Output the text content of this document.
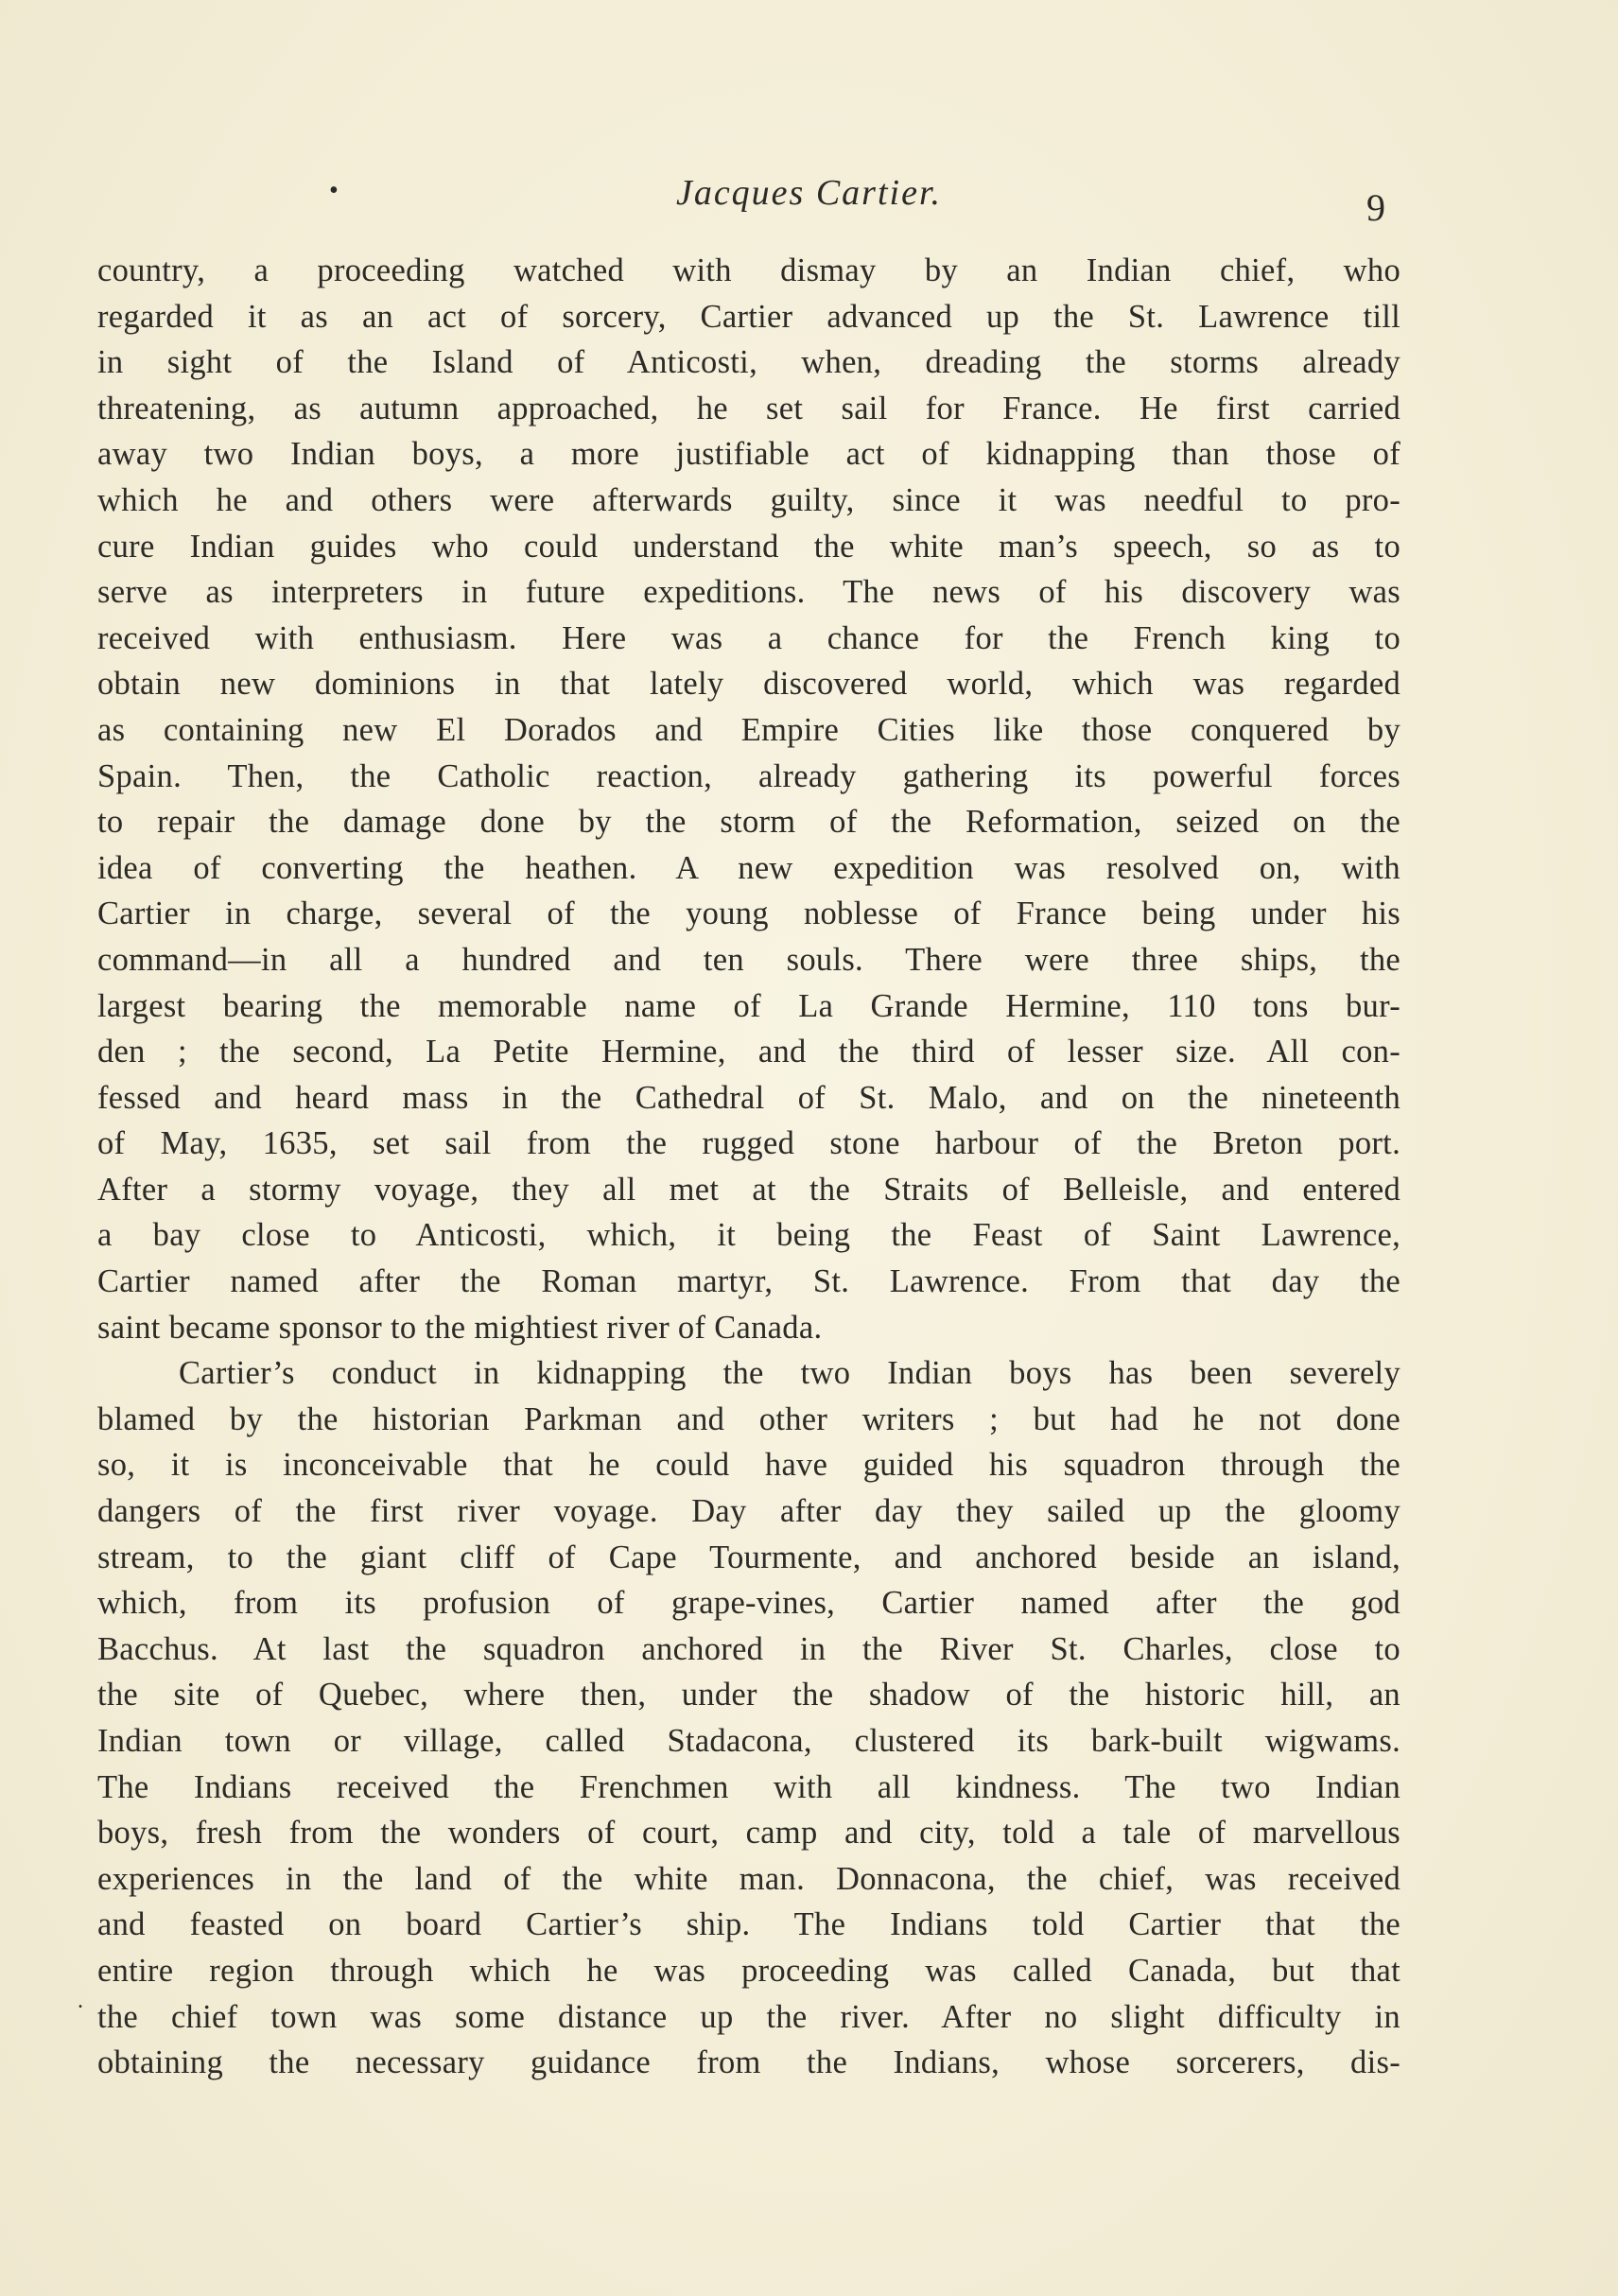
•	Jacques Cartier.	9
country, a proceeding watched with dismay by an Indian chief, who
regarded it as an act of sorcery, Cartier advanced up the St. Lawrence till
in sight of the Island of Anticosti, when, dreading the storms already
threatening, as autumn approached, he set sail for France. He first carried
away two Indian boys, a more justifiable act of kidnapping than those of
which he and others were afterwards guilty, since it was needful to pro-
cure Indian guides who could understand the white man’s speech, so as to
serve as interpreters in future expeditions. The news of his discovery was
received with enthusiasm. Here was a chance for the French king to
obtain new dominions in that lately discovered world, which was regarded
as containing new El Dorados and Empire Cities like those conquered by
Spain. Then, the Catholic reaction, already gathering its powerful forces
to repair the damage done by the storm of the Reformation, seized on the
idea of converting the heathen. A new expedition was resolved on, with
Cartier in charge, several of the young noblesse of France being under his
command—in all a hundred and ten souls. There were three ships, the
largest bearing the memorable name of La Grande Hermine, 110 tons bur-
den ; the second, La Petite Hermine, and the third of lesser size. All con-
fessed and heard mass in the Cathedral of St. Malo, and on the nineteenth
of May, 1635, set sail from the rugged stone harbour of the Breton port.
After a stormy voyage, they all met at the Straits of Belleisle, and entered
a bay close to Anticosti, which, it being the Feast of Saint Lawrence,
Cartier named after the Roman martyr, St. Lawrence. From that day the
saint became sponsor to the mightiest river of Canada.
Cartier’s conduct in kidnapping the two Indian boys has been severely
blamed by the historian Parkman and other writers ; but had he not done
so, it is inconceivable that he could have guided his squadron through the
dangers of the first river voyage. Day after day they sailed up the gloomy
stream, to the giant cliff of Cape Tourmente, and anchored beside an island,
which, from its profusion of grape-vines, Cartier named after the god
Bacchus. At last the squadron anchored in the River St. Charles, close to
the site of Quebec, where then, under the shadow of the historic hill, an
Indian town or village, called Stadacona, clustered its bark-built wigwams.
The Indians received the Frenchmen with all kindness. The two Indian
boys, fresh from the wonders of court, camp and city, told a tale of marvellous
experiences in the land of the white man. Donnacona, the chief, was received
and feasted on board Cartier’s ship. The Indians told Cartier that the
entire region through which he was proceeding was called Canada, but that
the chief town was some distance up the river. After no slight difficulty in
obtaining the necessary guidance from the Indians, whose sorcerers, dis-
.
